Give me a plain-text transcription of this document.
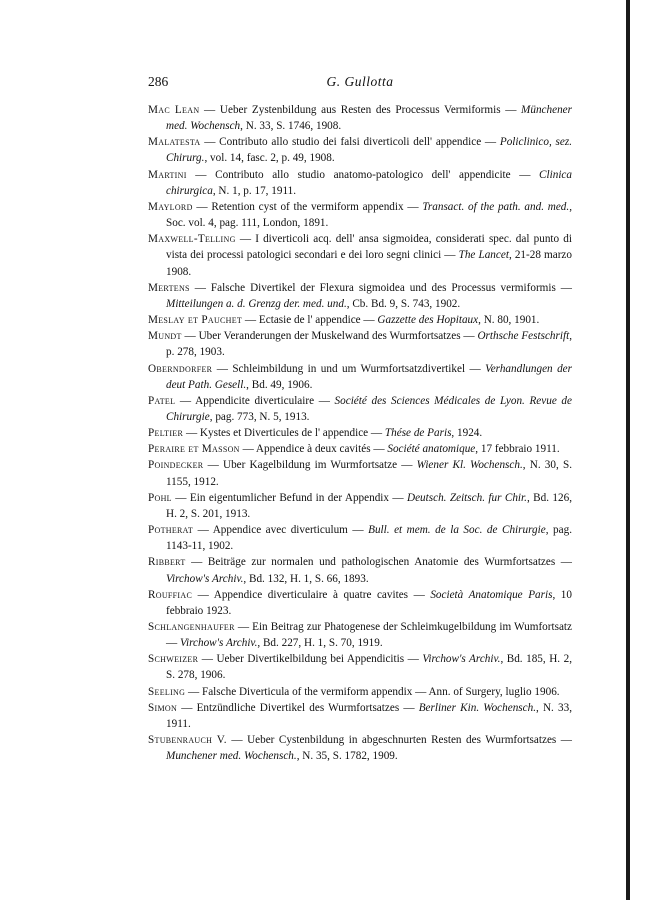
286	G. Gullotta

Mac Lean — Ueber Zystenbildung aus Resten des Processus Vermiformis — Münchener med. Wochensch, N. 33, S. 1746, 1908.

Malatesta — Contributo allo studio dei falsi diverticoli dell' appendice — Policlinico, sez. Chirurg., vol. 14, fasc. 2, p. 49, 1908.

Martini — Contributo allo studio anatomo-patologico dell' appendicite — Clinica chirurgica, N. 1, p. 17, 1911.

Maylord — Retention cyst of the vermiform appendix — Transact. of the path. and. med., Soc. vol. 4, pag. 111, London, 1891.

Maxwell-Telling — I diverticoli acq. dell' ansa sigmoidea, considerati spec. dal punto di vista dei processi patologici secondari e dei loro segni clinici — The Lancet, 21-28 marzo 1908.

Mertens — Falsche Divertikel der Flexura sigmoidea und des Processus vermiformis — Mitteilungen a. d. Grenzg der. med. und., Cb. Bd. 9, S. 743, 1902.

Meslay et Pauchet — Ectasie de l' appendice — Gazzette des Hopitaux, N. 80, 1901.

Mundt — Uber Veranderungen der Muskelwand des Wurmfortsatzes — Orthsche Festschrift, p. 278, 1903.

Oberndorfer — Schleimbildung in und um Wurmfortsatzdivertikel — Verhandlungen der deut Path. Gesell., Bd. 49, 1906.

Patel — Appendicite diverticulaire — Société des Sciences Médicales de Lyon. Revue de Chirurgie, pag. 773, N. 5, 1913.

Peltier — Kystes et Diverticules de l' appendice — Thése de Paris, 1924.

Peraire et Masson — Appendice à deux cavités — Société anatomique, 17 febbraio 1911.

Poindecker — Uber Kagelbildung im Wurmfortsatze — Wiener Kl. Wochensch., N. 30, S. 1155, 1912.

Pohl — Ein eigentumlicher Befund in der Appendix — Deutsch. Zeitsch. fur Chir., Bd. 126, H. 2, S. 201, 1913.

Potherat — Appendice avec diverticulum — Bull. et mem. de la Soc. de Chirurgie, pag. 1143-11, 1902.

Ribbert — Beiträge zur normalen und pathologischen Anatomie des Wurmfortsatzes — Virchow's Archiv., Bd. 132, H. 1, S. 66, 1893.

Rouffiac — Appendice diverticulaire à quatre cavites — Società Anatomique Paris, 10 febbraio 1923.

Schlangenhaufer — Ein Beitrag zur Phatogenese der Schleimkugelbildung im Wumfortsatz — Virchow's Archiv., Bd. 227, H. 1, S. 70, 1919.

Schweizer — Ueber Divertikelbildung bei Appendicitis — Virchow's Archiv., Bd. 185, H. 2, S. 278, 1906.

Seeling — Falsche Diverticula of the vermiform appendix — Ann. of Surgery, luglio 1906.

Simon — Entzündliche Divertikel des Wurmfortsatzes — Berliner Kin. Wochensch., N. 33, 1911.

Stubenrauch V. — Ueber Cystenbildung in abgeschnurten Resten des Wurmfortsatzes — Munchener med. Wochensch., N. 35, S. 1782, 1909.
